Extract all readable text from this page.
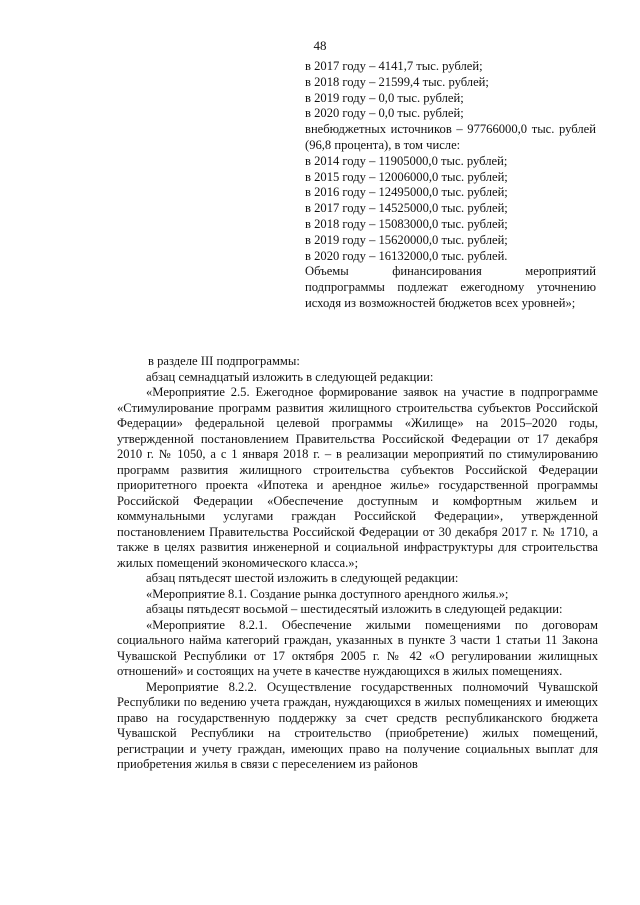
48
в 2017 году – 4141,7 тыс. рублей;
в 2018 году – 21599,4 тыс. рублей;
в 2019 году – 0,0 тыс. рублей;
в 2020 году – 0,0 тыс. рублей;
внебюджетных источников – 97766000,0 тыс. рублей (96,8 процента), в том числе:
в 2014 году – 11905000,0 тыс. рублей;
в 2015 году – 12006000,0 тыс. рублей;
в 2016 году – 12495000,0 тыс. рублей;
в 2017 году – 14525000,0 тыс. рублей;
в 2018 году – 15083000,0 тыс. рублей;
в 2019 году – 15620000,0 тыс. рублей;
в 2020 году – 16132000,0 тыс. рублей.
Объемы финансирования мероприятий подпрограммы подлежат ежегодному уточнению исходя из возможностей бюджетов всех уровней»;

в разделе III подпрограммы:

абзац семнадцатый изложить в следующей редакции:

«Мероприятие 2.5. Ежегодное формирование заявок на участие в подпрограмме «Стимулирование программ развития жилищного строительства субъектов Российской Федерации» федеральной целевой программы «Жилище» на 2015–2020 годы, утвержденной постановлением Правительства Российской Федерации от 17 декабря 2010 г. № 1050, а с 1 января 2018 г. – в реализации мероприятий по стимулированию программ развития жилищного строительства субъектов Российской Федерации приоритетного проекта «Ипотека и арендное жилье» государственной программы Российской Федерации «Обеспечение доступным и комфортным жильем и коммунальными услугами граждан Российской Федерации», утвержденной постановлением Правительства Российской Федерации от 30 декабря 2017 г. № 1710, а также в целях развития инженерной и социальной инфраструктуры для строительства жилых помещений экономического класса.»;

абзац пятьдесят шестой изложить в следующей редакции:

«Мероприятие 8.1. Создание рынка доступного арендного жилья.»;

абзацы пятьдесят восьмой – шестидесятый изложить в следующей редакции:

«Мероприятие 8.2.1. Обеспечение жилыми помещениями по договорам социального найма категорий граждан, указанных в пункте 3 части 1 статьи 11 Закона Чувашской Республики от 17 октября 2005 г. № 42 «О регулировании жилищных отношений» и состоящих на учете в качестве нуждающихся в жилых помещениях.

Мероприятие 8.2.2. Осуществление государственных полномочий Чувашской Республики по ведению учета граждан, нуждающихся в жилых помещениях и имеющих право на государственную поддержку за счет средств республиканского бюджета Чувашской Республики на строительство (приобретение) жилых помещений, регистрации и учету граждан, имеющих право на получение социальных выплат для приобретения жилья в связи с переселением из районов
